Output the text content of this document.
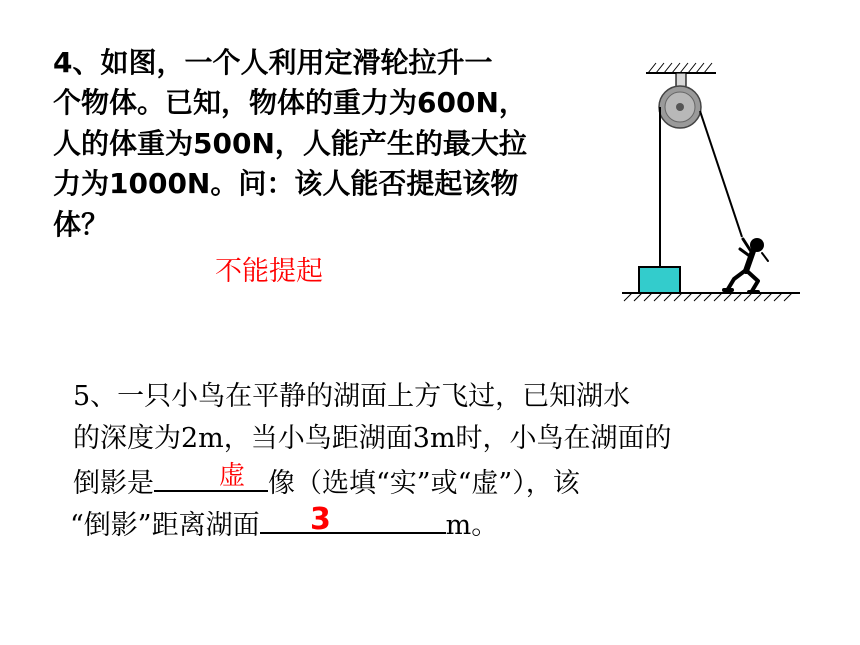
4、如图，一个人利用定滑轮拉升一

个物体。已知，物体的重力为600N，

人的体重为500N，人能产生的最大拉

力为1000N。问：该人能否提起该物

体？

不能提起

5、一只小鸟在平静的湖面上方飞过，已知湖水

的深度为2m，当小鸟距湖面3m时，小鸟在湖面的

倒影是	像（选填“实”或“虚”），该

“倒影”距离湖面	m。

虚
3
